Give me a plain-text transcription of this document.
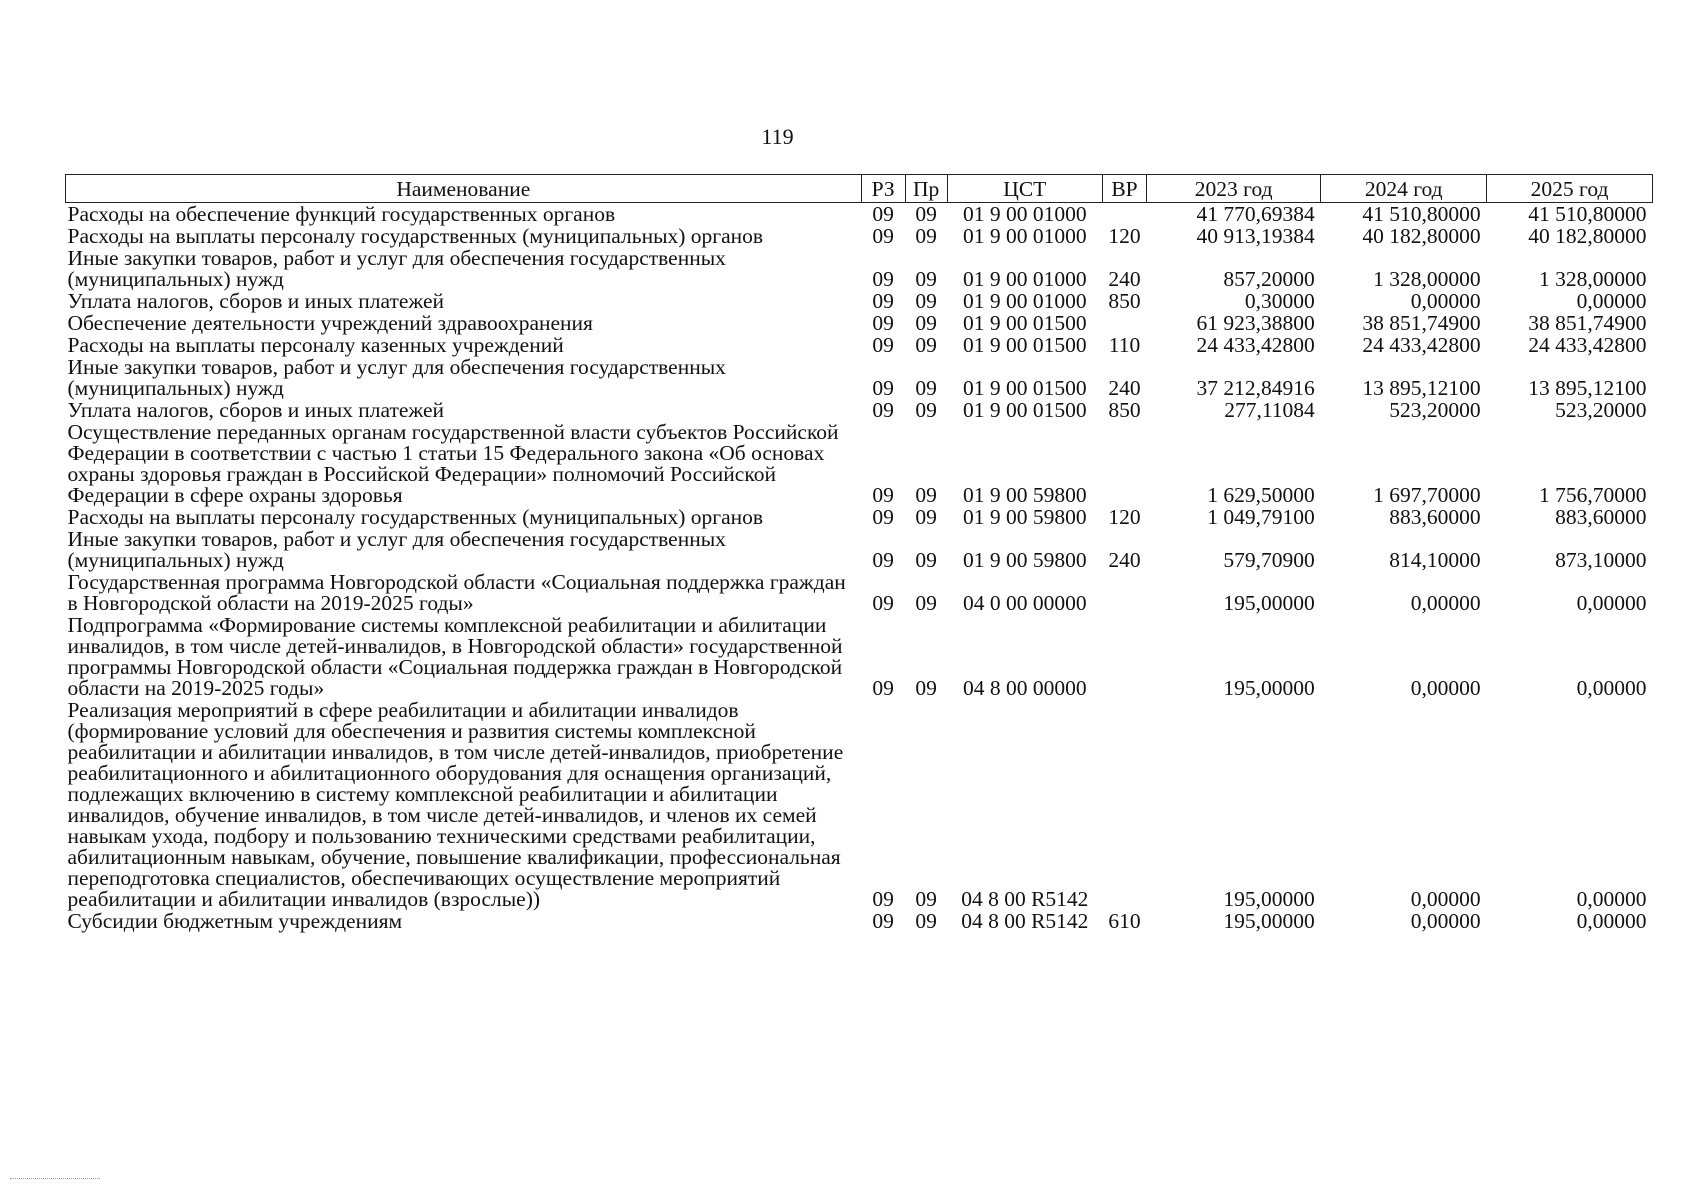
119
Наименование	РЗ	Пр	ЦСТ	ВР	2023 год	2024 год	2025 год
Расходы на обеспечение функций государственных органов	09	09	01 9 00 01000		41 770,69384	41 510,80000	41 510,80000
Расходы на выплаты персоналу государственных (муниципальных) органов	09	09	01 9 00 01000	120	40 913,19384	40 182,80000	40 182,80000
Иные закупки товаров, работ и услуг для обеспечения государственных (муниципальных) нужд	09	09	01 9 00 01000	240	857,20000	1 328,00000	1 328,00000
Уплата налогов, сборов и иных платежей	09	09	01 9 00 01000	850	0,30000	0,00000	0,00000
Обеспечение деятельности учреждений здравоохранения	09	09	01 9 00 01500		61 923,38800	38 851,74900	38 851,74900
Расходы на выплаты персоналу казенных учреждений	09	09	01 9 00 01500	110	24 433,42800	24 433,42800	24 433,42800
Иные закупки товаров, работ и услуг для обеспечения государственных (муниципальных) нужд	09	09	01 9 00 01500	240	37 212,84916	13 895,12100	13 895,12100
Уплата налогов, сборов и иных платежей	09	09	01 9 00 01500	850	277,11084	523,20000	523,20000
Осуществление переданных органам государственной власти субъектов Российской Федерации в соответствии с частью 1 статьи 15 Федерального закона «Об основах охраны здоровья граждан в Российской Федерации» полномочий Российской Федерации в сфере охраны здоровья	09	09	01 9 00 59800		1 629,50000	1 697,70000	1 756,70000
Расходы на выплаты персоналу государственных (муниципальных) органов	09	09	01 9 00 59800	120	1 049,79100	883,60000	883,60000
Иные закупки товаров, работ и услуг для обеспечения государственных (муниципальных) нужд	09	09	01 9 00 59800	240	579,70900	814,10000	873,10000
Государственная программа Новгородской области «Социальная поддержка граждан в Новгородской области на 2019-2025 годы»	09	09	04 0 00 00000		195,00000	0,00000	0,00000
Подпрограмма «Формирование системы комплексной реабилитации и абилитации инвалидов, в том числе детей-инвалидов, в Новгородской области» государственной программы Новгородской области «Социальная поддержка граждан в Новгородской области на 2019-2025 годы»	09	09	04 8 00 00000		195,00000	0,00000	0,00000
Реализация мероприятий в сфере реабилитации и абилитации инвалидов (формирование условий для обеспечения и развития системы комплексной реабилитации и абилитации инвалидов, в том числе детей-инвалидов, приобретение реабилитационного и абилитационного оборудования для оснащения организаций, подлежащих включению в систему комплексной реабилитации и абилитации инвалидов, обучение инвалидов, в том числе детей-инвалидов, и членов их семей навыкам ухода, подбору и пользованию техническими средствами реабилитации, абилитационным навыкам, обучение, повышение квалификации, профессиональная переподготовка специалистов, обеспечивающих осуществление мероприятий реабилитации и абилитации инвалидов (взрослые))	09	09	04 8 00 R5142		195,00000	0,00000	0,00000
Субсидии бюджетным учреждениям	09	09	04 8 00 R5142	610	195,00000	0,00000	0,00000
